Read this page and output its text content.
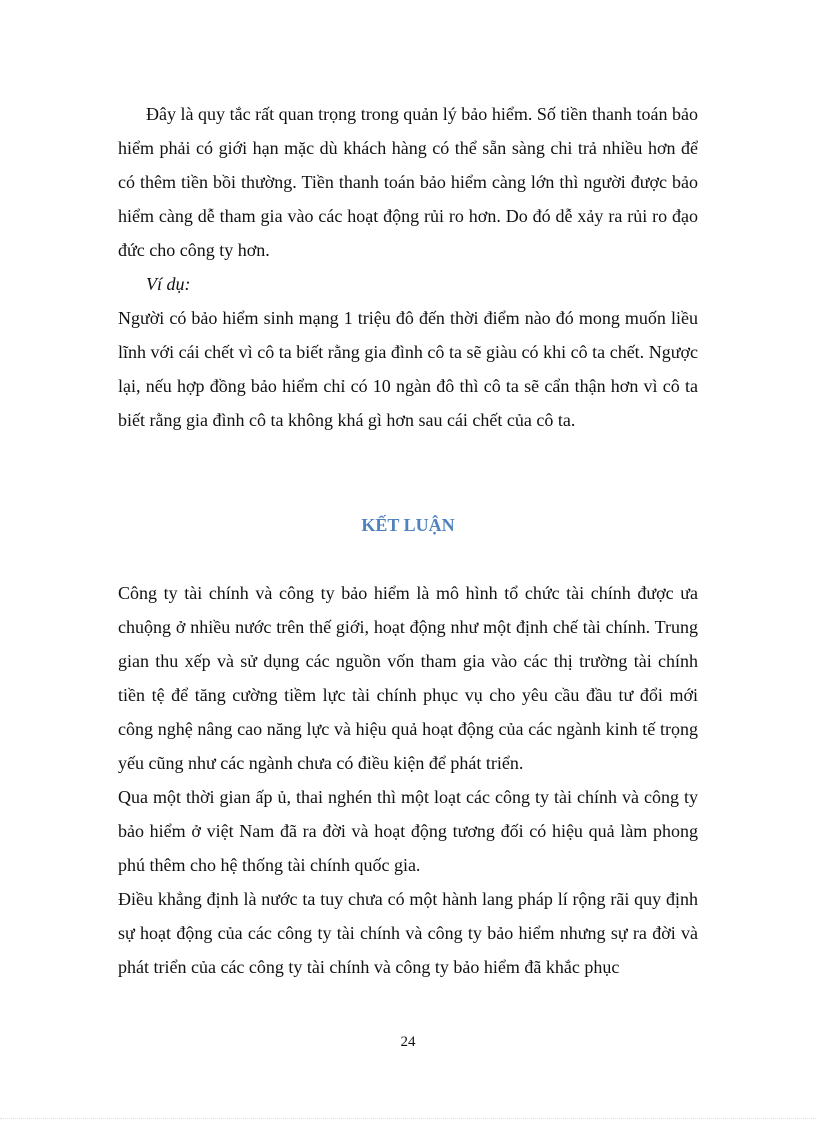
Đây là quy tắc rất quan trọng trong quản lý bảo hiểm. Số tiền thanh toán bảo hiểm phải có giới hạn mặc dù khách hàng có thể sẵn sàng chi trả nhiều hơn để có thêm tiền bồi thường. Tiền thanh toán bảo hiểm càng lớn thì người được bảo hiểm càng dễ tham gia vào các hoạt động rủi ro hơn. Do đó dễ xảy ra rủi ro đạo đức cho công ty hơn.

Ví dụ:

Người có bảo hiểm sinh mạng 1 triệu đô đến thời điểm nào đó mong muốn liều lĩnh với cái chết vì cô ta biết rằng gia đình cô ta sẽ giàu có khi cô ta chết. Ngược lại, nếu hợp đồng bảo hiểm chỉ có 10 ngàn đô thì cô ta sẽ cẩn thận hơn vì cô ta biết rằng gia đình cô ta không khá gì hơn sau cái chết của cô ta.

KẾT LUẬN

Công ty tài chính và công ty bảo hiểm là mô hình tổ chức tài chính được ưa chuộng ở nhiều nước trên thế giới, hoạt động như một định chế tài chính. Trung gian thu xếp và sử dụng các nguồn vốn tham gia vào các thị trường tài chính tiền tệ để tăng cường tiềm lực tài chính phục vụ cho yêu cầu đầu tư đổi mới công nghệ nâng cao năng lực và hiệu quả hoạt động của các ngành kinh tế trọng yếu cũng như các ngành chưa có điều kiện để phát triển.

Qua một thời gian ấp ủ, thai nghén thì một loạt các công ty tài chính và công ty bảo hiểm ở việt Nam đã ra đời và hoạt động tương đối có hiệu quả làm phong phú thêm cho hệ thống tài chính quốc gia.

Điều khẳng định là nước ta tuy chưa có một hành lang pháp lí rộng rãi quy định sự hoạt động của các công ty tài chính và công ty bảo hiểm nhưng sự ra đời và phát triển của các công ty tài chính và công ty bảo hiểm đã khắc phục

24
